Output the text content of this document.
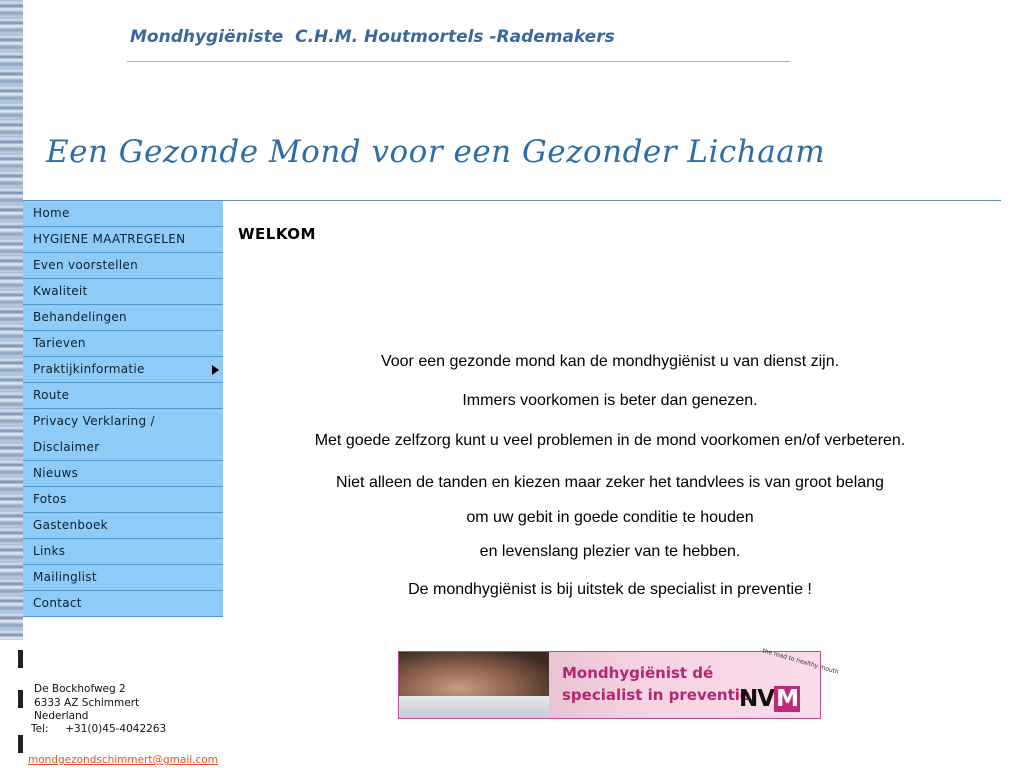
Mondhygiëniste  C.H.M. Houtmortels -Rademakers
Een Gezonde Mond voor een Gezonder Lichaam
Home
HYGIENE MAATREGELEN
Even voorstellen
Kwaliteit
Behandelingen
Tarieven
Praktijkinformatie
Route
Privacy Verklaring / Disclaimer
Nieuws
Fotos
Gastenboek
Links
Mailinglist
Contact
De Bockhofweg 2
6333 AZ Schimmert
Nederland
Tel: +31(0)45-4042263
mondgezondschimmert@gmail.com
WELKOM

Voor een gezonde mond kan de mondhygiënist u van dienst zijn.

Immers voorkomen is beter dan genezen.

Met goede zelfzorg kunt u veel problemen in de mond voorkomen en/of verbeteren.

Niet alleen de tanden en kiezen maar zeker het tandvlees is van groot belang

om uw gebit in goede conditie te houden

en levenslang plezier van te hebben.

De mondhygiënist is bij uitstek de specialist in preventie !

Mondhygiënist dé
specialist in preventie
the road to healthy mouth
NVM
